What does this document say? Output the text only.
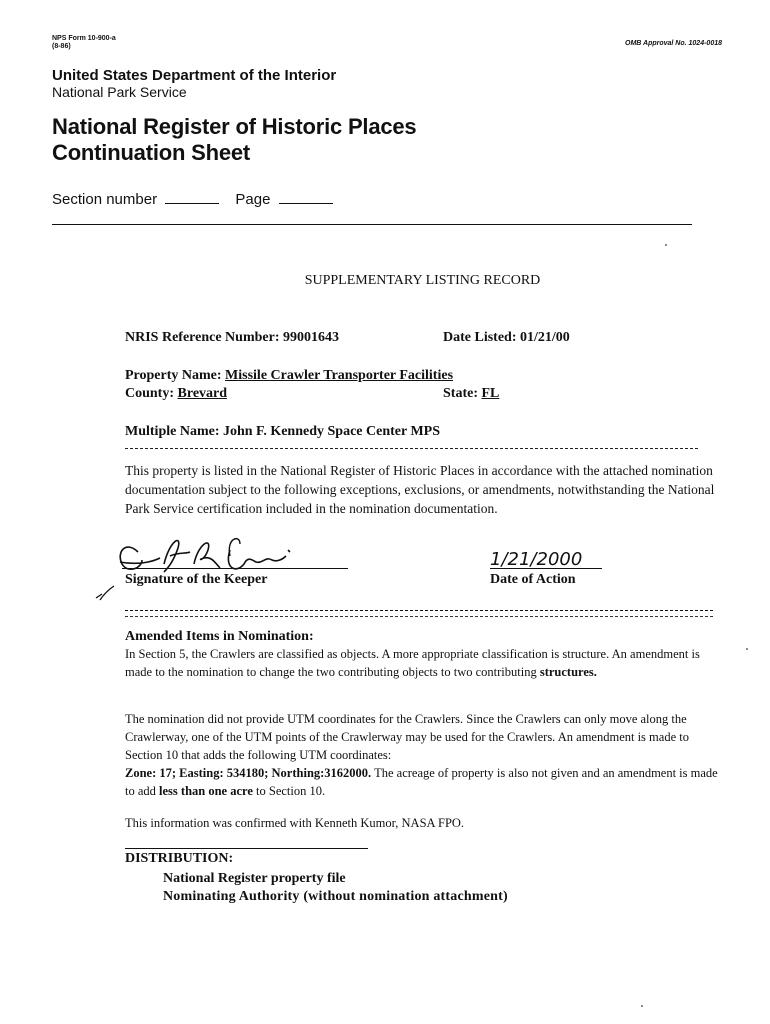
NPS Form 10-900-a
(8-86)	OMB Approval No. 1024-0018
United States Department of the Interior
National Park Service
National Register of Historic Places
Continuation Sheet
Section number	Page
SUPPLEMENTARY LISTING RECORD
NRIS Reference Number: 99001643	Date Listed: 01/21/00
Property Name: Missile Crawler Transporter Facilities
County: Brevard	State: FL
Multiple Name: John F. Kennedy Space Center MPS
This property is listed in the National Register of Historic Places in accordance with the attached nomination documentation subject to the following exceptions, exclusions, or amendments, notwithstanding the National Park Service certification included in the nomination documentation.
Signature of the Keeper
1/21/2000
Date of Action
Amended Items in Nomination:
In Section 5, the Crawlers are classified as objects. A more appropriate classification is structure. An amendment is made to the nomination to change the two contributing objects to two contributing structures.
The nomination did not provide UTM coordinates for the Crawlers. Since the Crawlers can only move along the Crawlerway, one of the UTM points of the Crawlerway may be used for the Crawlers. An amendment is made to Section 10 that adds the following UTM coordinates:
Zone: 17; Easting: 534180; Northing:3162000. The acreage of property is also not given and an amendment is made to add less than one acre to Section 10.
This information was confirmed with Kenneth Kumor, NASA FPO.
DISTRIBUTION:
National Register property file
Nominating Authority (without nomination attachment)
